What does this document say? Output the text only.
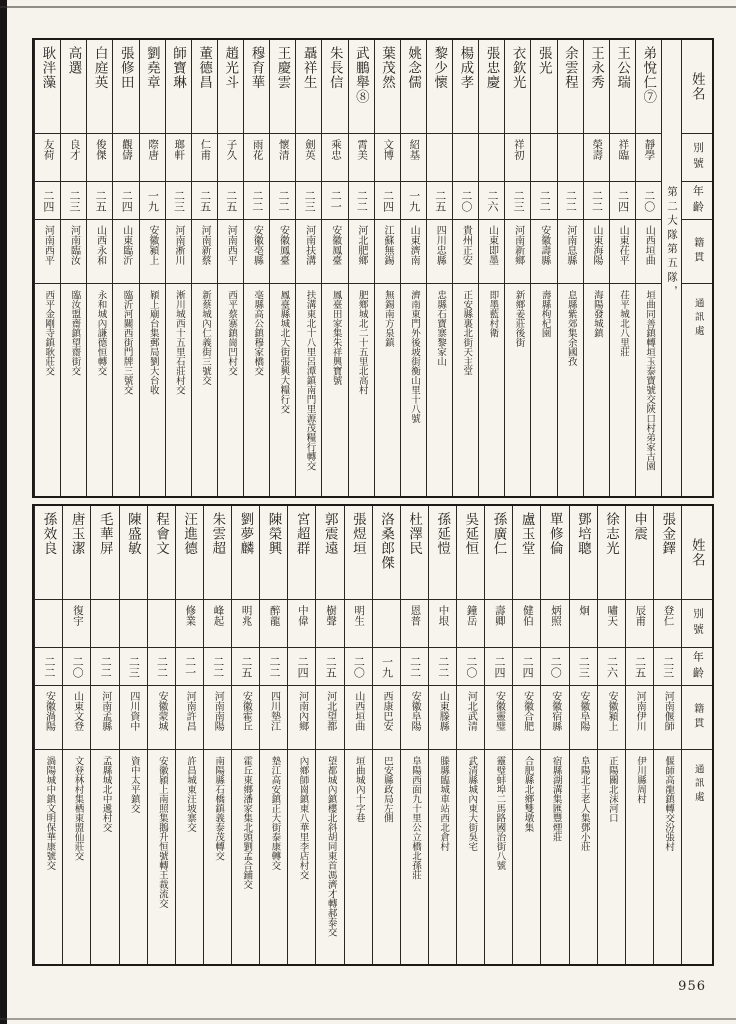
姓名
別號
年齡
籍貫
通訊處
第二大隊第五隊，
弟悅仁⑦
靜學
二〇
山西垣曲
垣曲同善鎮轉垣玉泰寶號交陝口村弟家古園
王公瑞
祥臨
二四
山東茌平
茌平城北八里莊
王永秀
榮壽
二二
山東海陽
海陽發城鎮
余雲程
二二
河南息縣
息縣紫郊集余國孜
張光
二二
安徽壽縣
壽縣枸杞園
衣欽光
祥初
二三
河南新鄉
新鄉姜莊後街
張忠慶
二六
山東即墨
即墨藍村衛
楊成孝
二〇
貴州正安
正安縣裏北街天主堂
黎少懷
二五
四川忠縣
忠縣石寶寨黎家山
姚念儒
紹基
一九
山東濟南
濟南東門外後坡街衡山里十八號
葉茂然
文博
二四
江蘇無錫
無錫南方泉鎮
武鵬舉⑧
霄美
二二
河北肥鄉
肥鄉城北二十五里北高村
朱長信
乘忠
二一
安徽鳳臺
鳳臺田家集朱祥興寶號
聶祥生
劍英
二三
河南扶溝
扶溝東北十八里呂潭鎮南門里源茂糧行轉交
王慶雲
懷清
二二
安徽鳳臺
鳳臺縣城北大街張興大糧行交
穆育華
雨花
二二
安徽亳縣
亳縣高公鎮穆家橋交
趙光斗
子久
二五
河南西平
西平蔡寨鎮崗凹村交
董德昌
仁甫
二五
河南新蔡
新蔡城內仁義街三號交
師寶琳
瑯軒
二三
河南淅川
淅川城西十五里石莊村交
劉堯章
際唐
一九
安徽潁上
潁上廟台集郵局劉大台收
張修田
觀儔
二四
山東臨沂
臨沂河關西街門牌三號交
白庭英
俊傑
二五
山西永和
永和城內謙德恒轉交
高選
良才
二三
河南臨汝
臨汝盟齋鎮望齋街交
耿泮藻
友荷
二四
河南西平
西平金剛寺鎮耿莊交
姓名
別號
年齡
籍貫
通訊處
張金鐸
登仁
二三
河南偃師
偃師高龍鎮轉交汾張村
申震
辰甫
二五
河南伊川
伊川縣周村
徐志光
嘯天
二六
安徽潁上
正陽關北沫河口
鄧培聰
炯
二三
安徽阜陽
阜陽北王老人集鄧小莊
單修倫
炳照
二〇
安徽宿縣
宿縣湖溝集匯豐煙莊
盧玉堂
健伯
二四
安徽合肥
合肥縣北鄉雙墩集
孫廣仁
壽卿
二四
安徽靈璧
靈璧蚌埠二馬路國治街八號
吳延恒
鐘岳
二〇
河北武清
武清縣城內東大街吳宅
孫延愷
中垠
二二
山東滕縣
滕縣臨城車站西北倉村
杜澤民
恩普
二二
安徽阜陽
阜陽西面九十里公立橋北孫莊
洛桑郎傑
一九
西康巴安
巴安縣政局左側
張煜垣
明生
二〇
山西垣曲
垣曲城內十字巷
郭震遠
樹聲
二五
河北望都
望都城內鎮樓北斜胡同東首馮濟才轉郝泰交
宮超群
中偉
二四
河南內鄉
內鄉師崗鎮東八華里李店村交
陳榮興
醉龍
二二
四川墊江
墊江高安鎮正大街泰康轉交
劉夢麟
明兆
二五
安徽霍丘
霍丘東鄉潘家集北頭劉孟合鋪交
朱雲超
峰起
二二
河南南陽
南陽縣石橋鎮義泰茂轉交
汪進德
修業
二一
河南許昌
許昌城東汪坡寨交
程會文
二二
安徽蒙城
安徽潁上南照集鵝升恒號轉王裁流交
陳盛敏
二三
四川資中
資中太平鎮交
毛華屏
二二
河南孟縣
孟縣城北中遞村交
唐玉潔
復宇
二〇
山東文登
文登林村集栖東盟仙莊交
孫效良
二二
安徽渦陽
渦陽城中鎮文明保華康號交
956
